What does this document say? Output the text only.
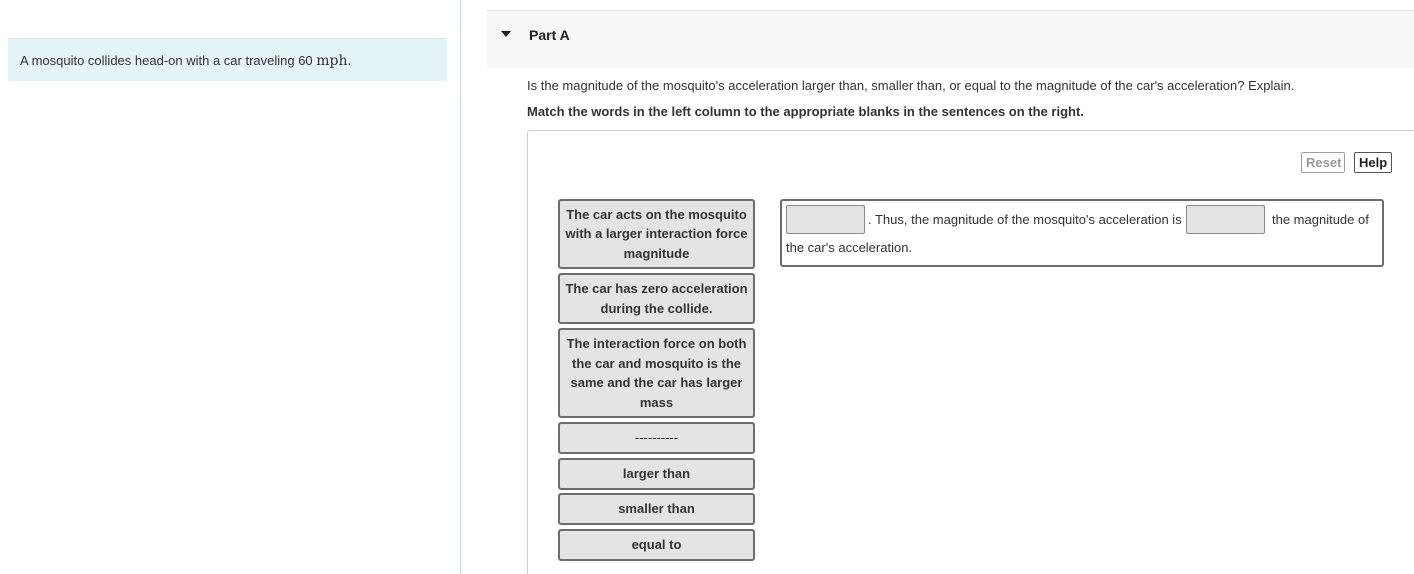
A mosquito collides head-on with a car traveling 60 mph.
Part A
Is the magnitude of the mosquito's acceleration larger than, smaller than, or equal to the magnitude of the car's acceleration? Explain.
Match the words in the left column to the appropriate blanks in the sentences on the right.
Reset	Help
The car acts on the mosquito with a larger interaction force magnitude
The car has zero acceleration during the collide.
The interaction force on both the car and mosquito is the same and the car has larger mass
----------
larger than
smaller than
equal to
. Thus, the magnitude of the mosquito's acceleration is	the magnitude of
the car's acceleration.
